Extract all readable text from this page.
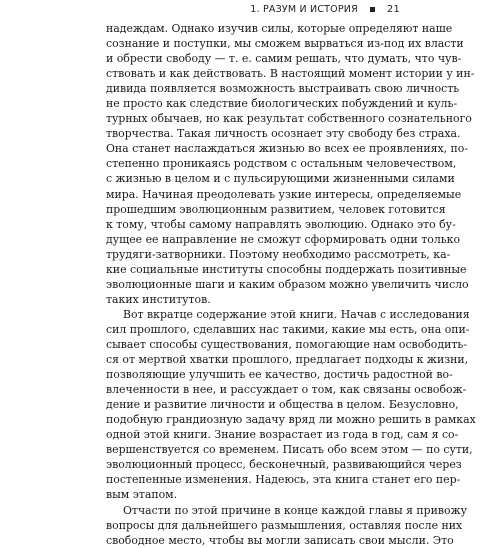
1. РАЗУМ И ИСТОРИЯ	21
надеждам. Однако изучив силы, которые определяют наше
сознание и поступки, мы сможем вырваться из-под их власти
и обрести свободу — т. е. самим решать, что думать, что чув-
ствовать и как действовать. В настоящий момент истории у ин-
дивида появляется возможность выстраивать свою личность
не просто как следствие биологических побуждений и куль-
турных обычаев, но как результат собственного сознательного
творчества. Такая личность осознает эту свободу без страха.
Она станет наслаждаться жизнью во всех ее проявлениях, по-
степенно проникаясь родством с остальным человечеством,
с жизнью в целом и с пульсирующими жизненными силами
мира. Начиная преодолевать узкие интересы, определяемые
прошедшим эволюционным развитием, человек готовится
к тому, чтобы самому направлять эволюцию. Однако это бу-
дущее ее направление не сможут сформировать одни только
трудяги-затворники. Поэтому необходимо рассмотреть, ка-
кие социальные институты способны поддержать позитивные
эволюционные шаги и каким образом можно увеличить число
таких институтов.
Вот вкратце содержание этой книги. Начав с исследования
сил прошлого, сделавших нас такими, какие мы есть, она опи-
сывает способы существования, помогающие нам освободить-
ся от мертвой хватки прошлого, предлагает подходы к жизни,
позволяющие улучшить ее качество, достичь радостной во-
влеченности в нее, и рассуждает о том, как связаны освобож-
дение и развитие личности и общества в целом. Безусловно,
подобную грандиозную задачу вряд ли можно решить в рамках
одной этой книги. Знание возрастает из года в год, сам я со-
вершенствуется со временем. Писать обо всем этом — по сути,
эволюционный процесс, бесконечный, развивающийся через
постепенные изменения. Надеюсь, эта книга станет его пер-
вым этапом.
Отчасти по этой причине в конце каждой главы я привожу
вопросы для дальнейшего размышления, оставляя после них
свободное место, чтобы вы могли записать свои мысли. Это
